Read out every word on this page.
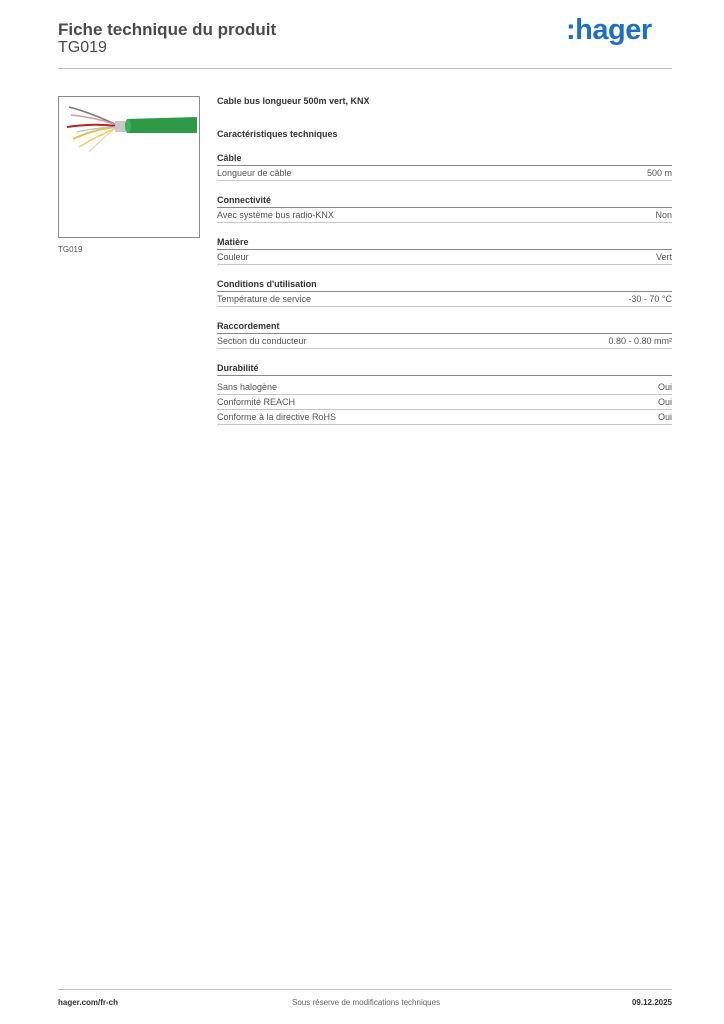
Fiche technique du produit
TG019
:hager
TG019
Cable bus longueur 500m vert, KNX
Caractéristiques techniques
Câble
Longueur de câble	500 m
Connectivité
Avec système bus radio-KNX	Non
Matière
Couleur	Vert
Conditions d'utilisation
Température de service	-30 - 70 °C
Raccordement
Section du conducteur	0.80 - 0.80 mm²
Durabilité
Sans halogène	Oui
Conformité REACH	Oui
Conforme à la directive RoHS	Oui
hager.com/fr-ch	Sous réserve de modifications techniques	09.12.2025
